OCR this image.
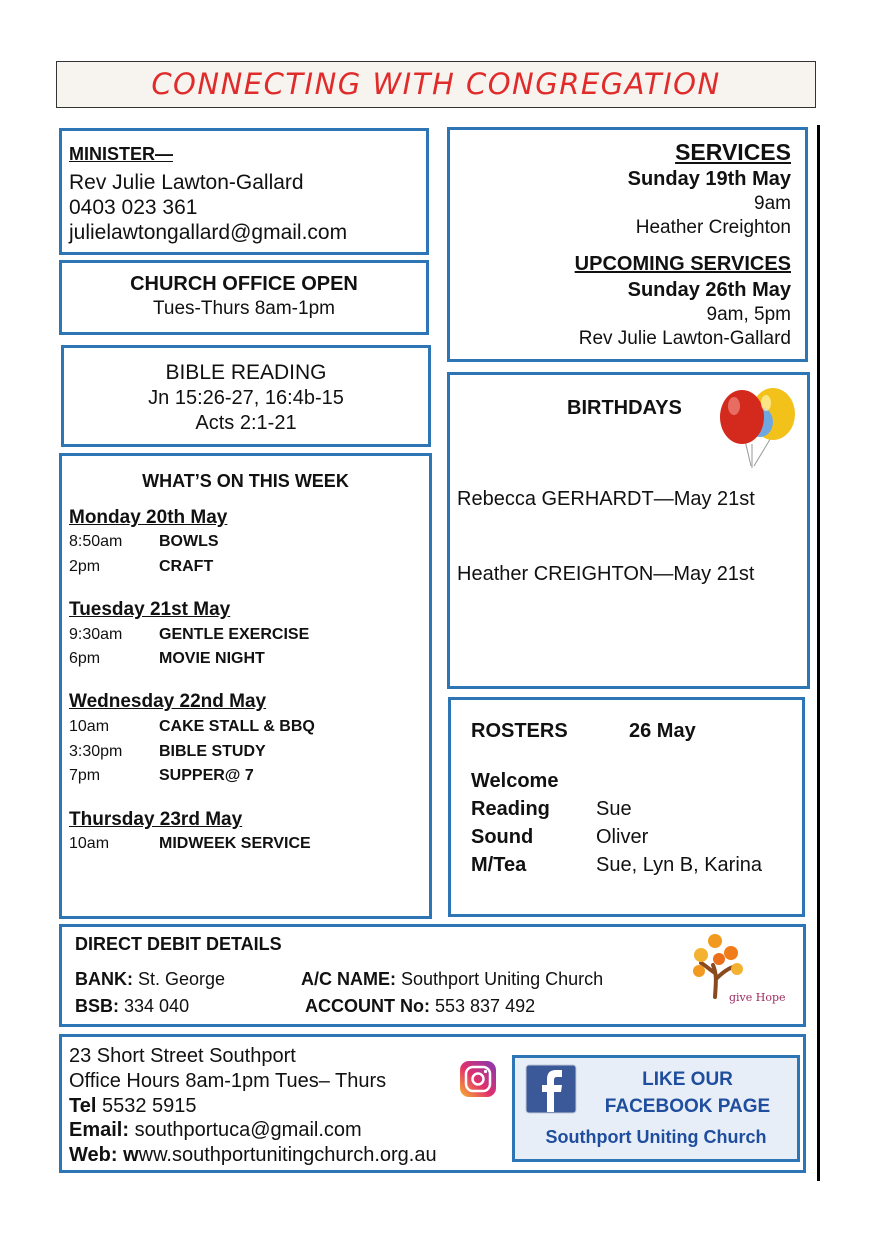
CONNECTING WITH CONGREGATION
MINISTER—
Rev Julie Lawton-Gallard
0403 023 361
julielawtongallard@gmail.com
CHURCH OFFICE OPEN
Tues-Thurs 8am-1pm
BIBLE READING
Jn 15:26-27, 16:4b-15
Acts 2:1-21
WHAT’S ON THIS WEEK
Monday 20th May
8:50am BOWLS
2pm	CRAFT
Tuesday 21st May
9:30am GENTLE EXERCISE
6pm	MOVIE NIGHT
Wednesday 22nd May
10am	CAKE STALL & BBQ
3:30pm BIBLE STUDY
7pm	SUPPER@ 7
Thursday 23rd May
10am	MIDWEEK SERVICE
SERVICES
Sunday 19th May
9am
Heather Creighton
UPCOMING SERVICES
Sunday 26th May
9am, 5pm
Rev Julie Lawton-Gallard
BIRTHDAYS
Rebecca GERHARDT—May 21st
Heather CREIGHTON—May 21st
ROSTERS	26 May
Welcome
Reading Sue
Sound	Oliver
M/Tea	Sue, Lyn B, Karina
DIRECT DEBIT DETAILS
BANK: St. George	A/C NAME: Southport Uniting Church
BSB: 334 040	ACCOUNT No: 553 837 492	give Hope
23 Short Street Southport
Office Hours 8am-1pm Tues– Thurs
Tel 5532 5915
Email: southportuca@gmail.com
Web: www.southportunitingchurch.org.au
LIKE OUR
FACEBOOK PAGE
Southport Uniting Church
